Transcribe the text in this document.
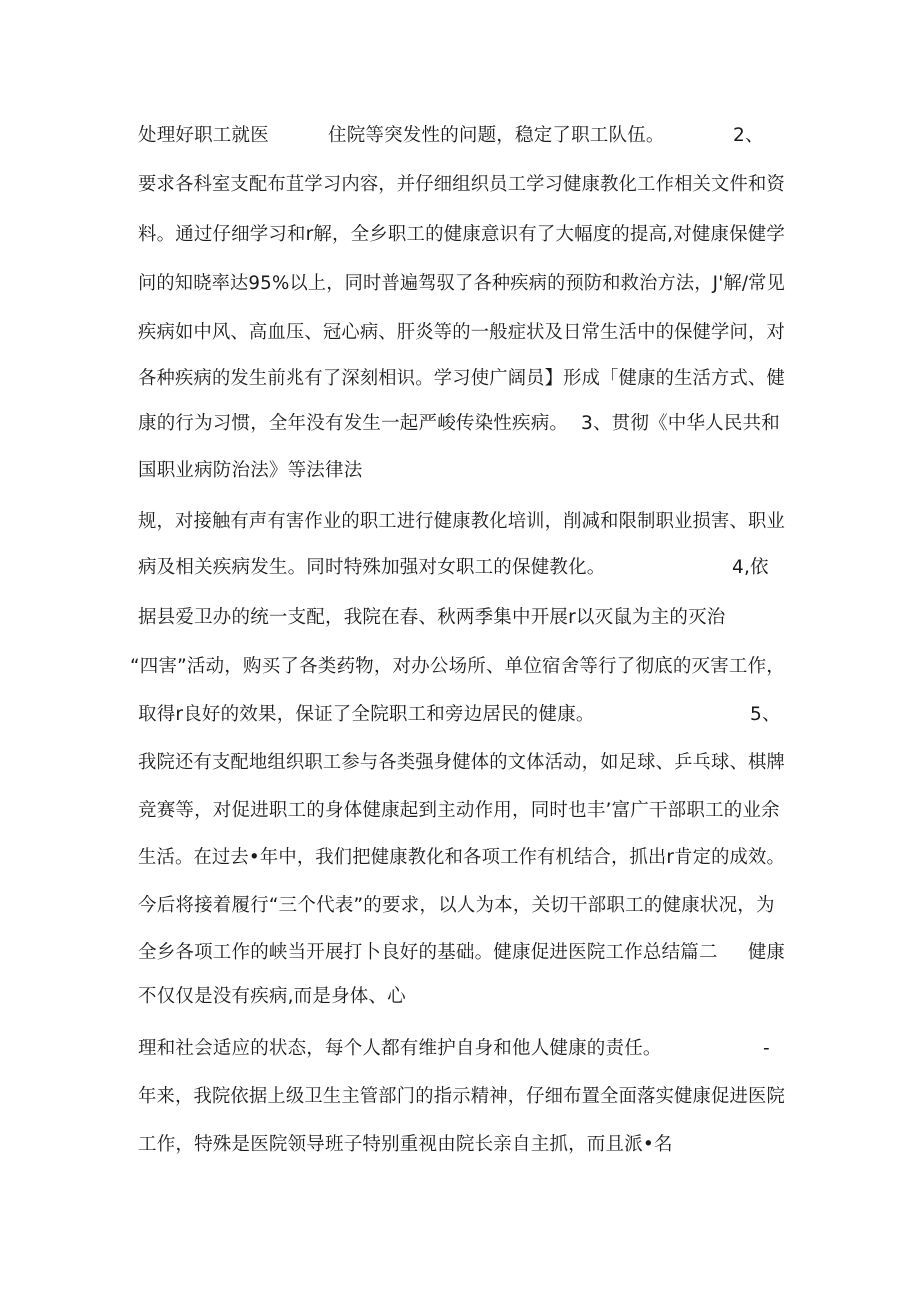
处理好职工就医	住院等突发性的问题，稳定了职工队伍。	2、
要求各科室支配布苴学习内容，并仔细组织员工学习健康教化工作相关文件和资
料。通过仔细学习和r解，全乡职工的健康意识有了大幅度的提高,对健康保健学
问的知晓率达95%以上，同时普遍驾驭了各种疾病的预防和救治方法，J'解/常见
疾病如中风、高血压、冠心病、肝炎等的一般症状及日常生活中的保健学问，对
各种疾病的发生前兆有了深刻相识。学习使广阔员】形成「健康的生活方式、健
康的行为习惯，全年没有发生一起严峻传染性疾病。 3、贯彻《中华人民共和
国职业病防治法》等法律法
规，对接触有声有害作业的职工进行健康教化培训，削减和限制职业损害、职业
病及相关疾病发生。同时特殊加强对女职工的保健教化。	4,依
据县爱卫办的统一支配，我院在春、秋两季集中开展r以灭鼠为主的灭治
“四害”活动，购买了各类药物，对办公场所、单位宿舍等行了彻底的灭害工作，
取得r良好的效果，保证了全院职工和旁边居民的健康。	5、
我院还有支配地组织职工参与各类强身健体的文体活动，如足球、乒乓球、棋牌
竞赛等，对促进职工的身体健康起到主动作用，同时也丰’富广干部职工的业余
生活。在过去•年中，我们把健康教化和各项工作有机结合，抓出r肯定的成效。
今后将接着履行“三个代表”的要求，以人为本，关切干部职工的健康状况，为
全乡各项工作的峡当开展打卜良好的基础。健康促进医院工作总结篇二 健康
不仅仅是没有疾病,而是身体、心
理和社会适应的状态，每个人都有维护自身和他人健康的责任。	-
年来，我院依据上级卫生主管部门的指示精神，仔细布置全面落实健康促进医院
工作，特殊是医院领导班子特别重视由院长亲自主抓，而且派•名
